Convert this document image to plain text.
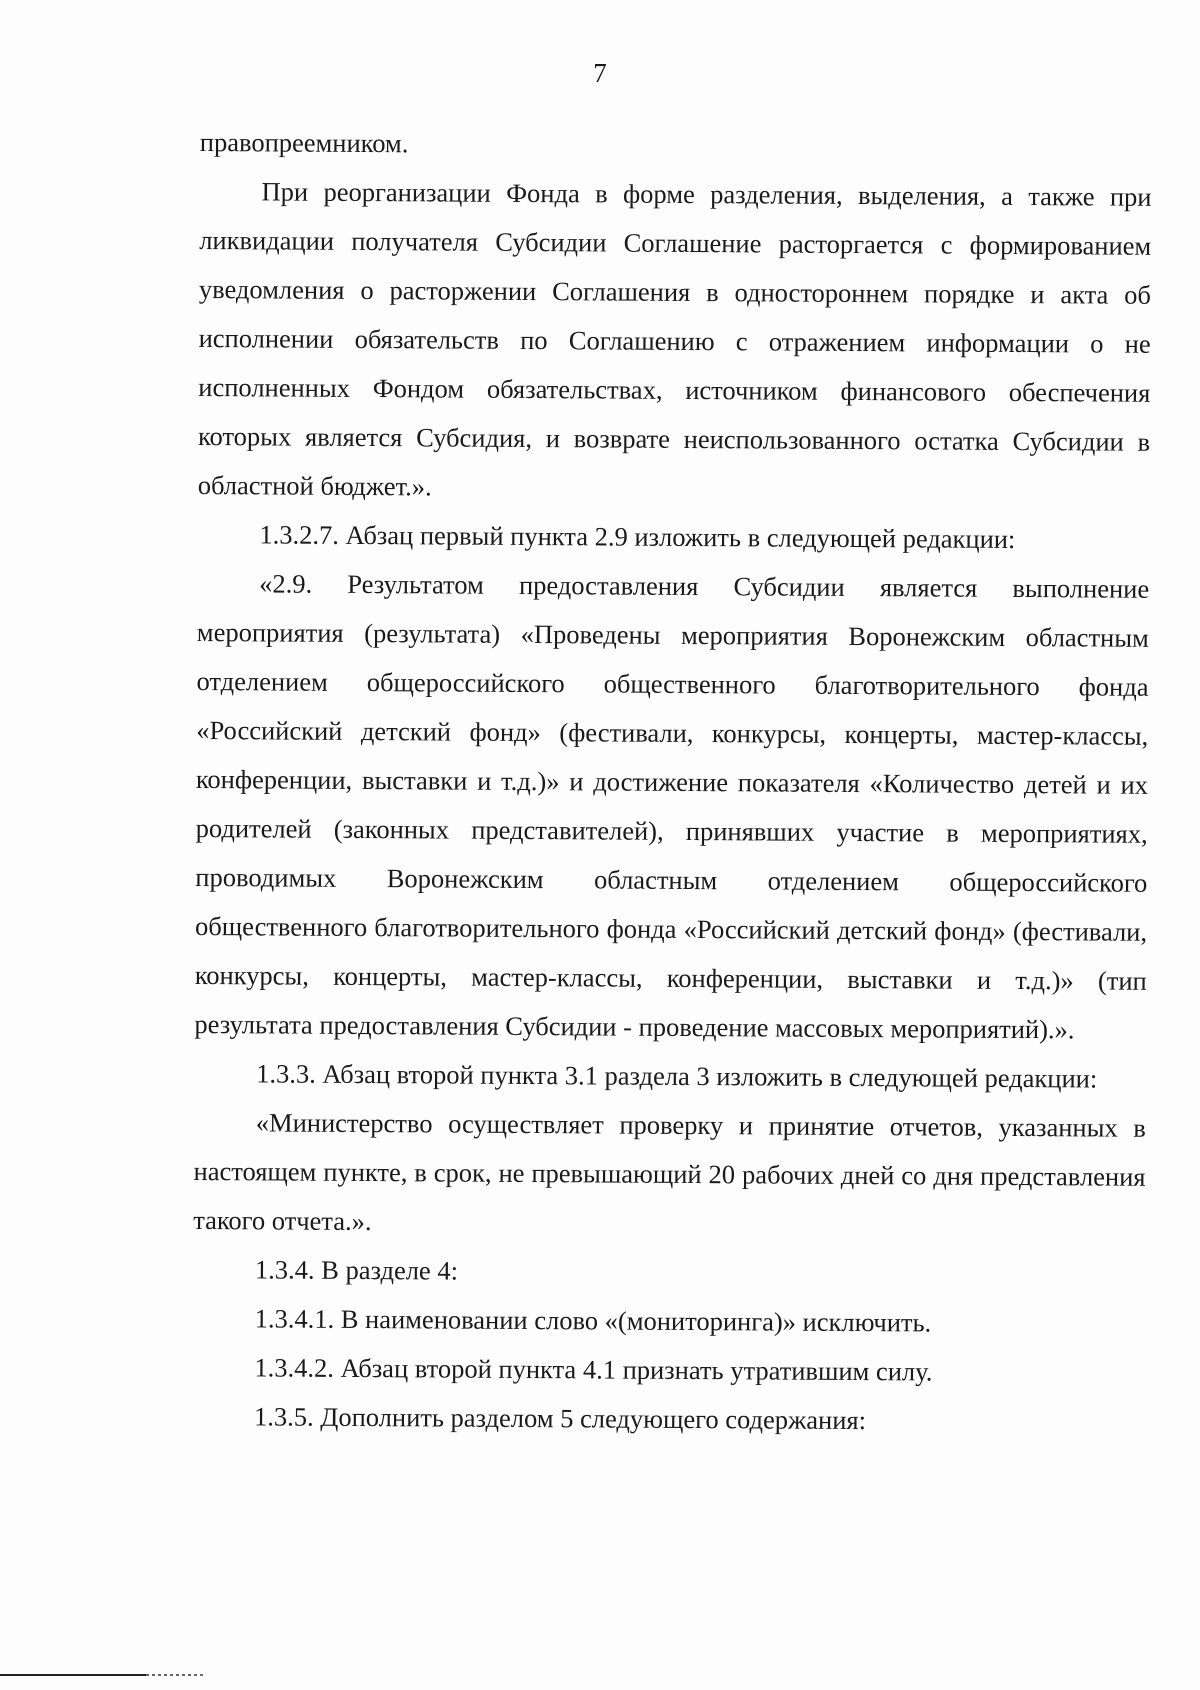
7

правопреемником.

При реорганизации Фонда в форме разделения, выделения, а также при ликвидации получателя Субсидии Соглашение расторгается с формированием уведомления о расторжении Соглашения в одностороннем порядке и акта об исполнении обязательств по Соглашению с отражением информации о не исполненных Фондом обязательствах, источником финансового обеспечения которых является Субсидия, и возврате неиспользованного остатка Субсидии в областной бюджет.».

1.3.2.7. Абзац первый пункта 2.9 изложить в следующей редакции:

«2.9. Результатом предоставления Субсидии является выполнение мероприятия (результата) «Проведены мероприятия Воронежским областным отделением общероссийского общественного благотворительного фонда «Российский детский фонд» (фестивали, конкурсы, концерты, мастер-классы, конференции, выставки и т.д.)» и достижение показателя «Количество детей и их родителей (законных представителей), принявших участие в мероприятиях, проводимых Воронежским областным отделением общероссийского общественного благотворительного фонда «Российский детский фонд» (фестивали, конкурсы, концерты, мастер-классы, конференции, выставки и т.д.)» (тип результата предоставления Субсидии - проведение массовых мероприятий).».

1.3.3. Абзац второй пункта 3.1 раздела 3 изложить в следующей редакции:

«Министерство осуществляет проверку и принятие отчетов, указанных в настоящем пункте, в срок, не превышающий 20 рабочих дней со дня представления такого отчета.».

1.3.4. В разделе 4:

1.3.4.1. В наименовании слово «(мониторинга)» исключить.

1.3.4.2. Абзац второй пункта 4.1 признать утратившим силу.

1.3.5. Дополнить разделом 5 следующего содержания:
